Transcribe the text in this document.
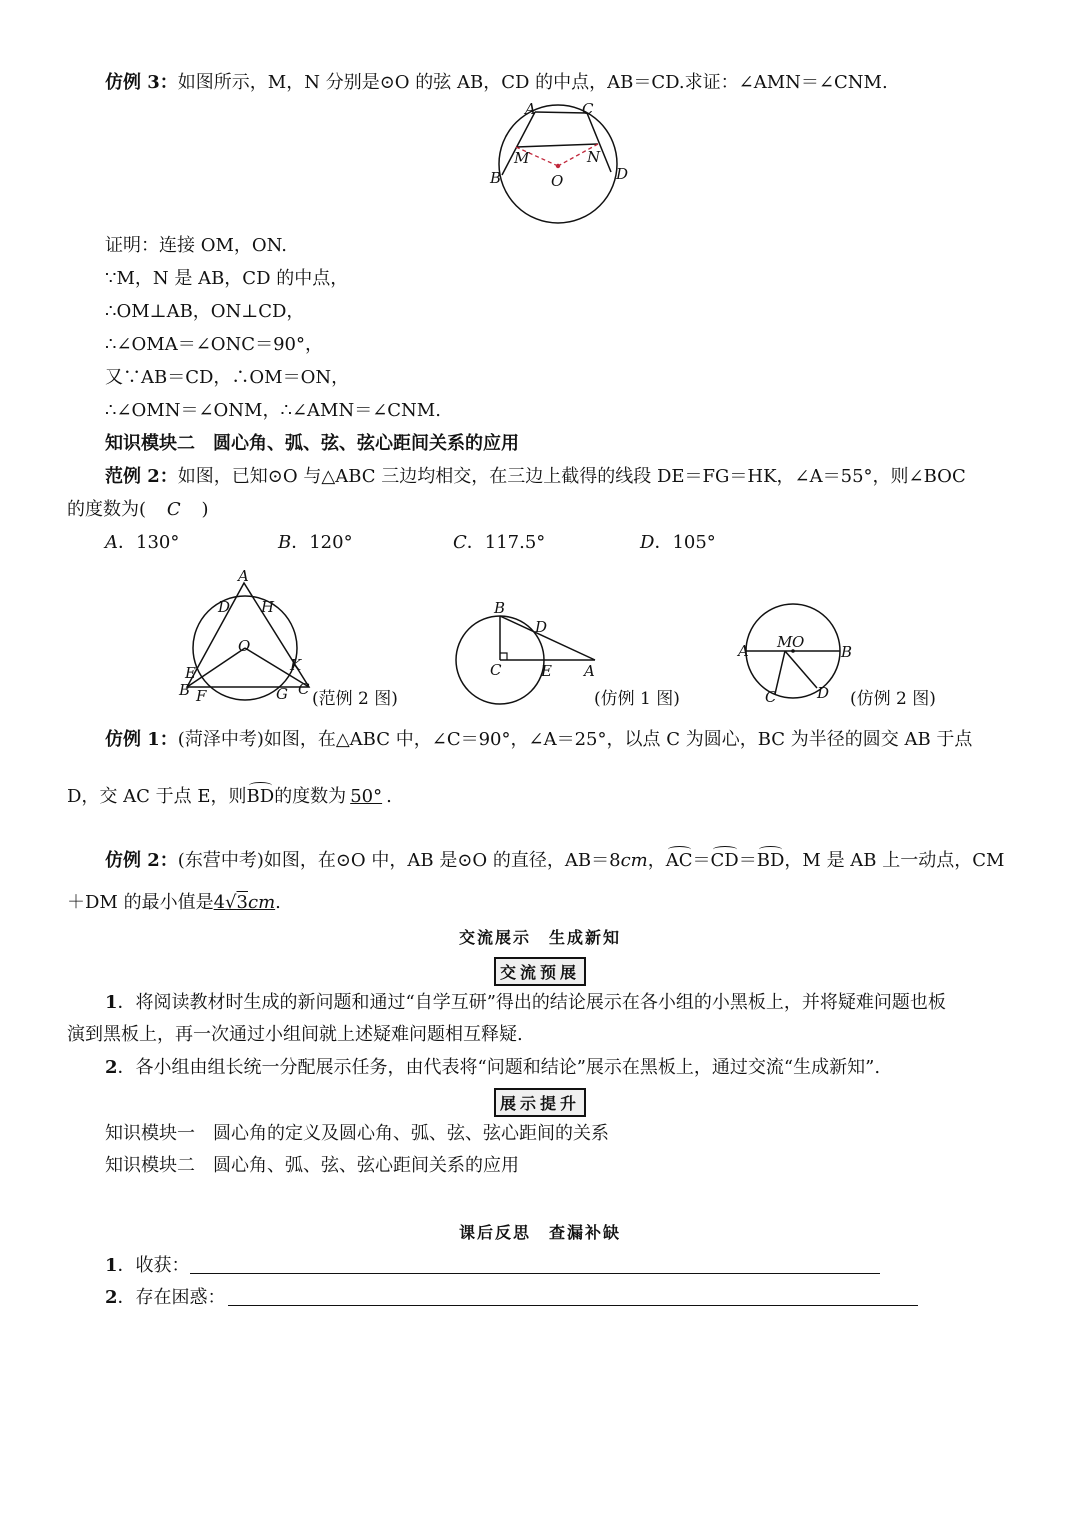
仿例 3：如图所示，M，N 分别是⊙O 的弦 AB，CD 的中点，AB＝CD.求证：∠AMN＝∠CNM.
A	C
M	N
B	O	D
证明：连接 OM，ON.
∵M，N 是 AB，CD 的中点，
∴OM⊥AB，ON⊥CD，
∴∠OMA＝∠ONC＝90°，
又∵AB＝CD，∴OM＝ON，
∴∠OMN＝∠ONM，∴∠AMN＝∠CNM.
知识模块二　圆心角、弧、弦、弦心距间关系的应用
范例 2：如图，已知⊙O 与△ABC 三边均相交，在三边上截得的线段 DE＝FG＝HK，∠A＝55°，则∠BOC
的度数为( C )
A．130°	B．120°	C．117.5°	D．105°
A
D H
O
E	K
B F	G C (范例 2 图)
B
D
C	E A
(仿例 1 图)
M O
A	B
C	D (仿例 2 图)
仿例 1：(菏泽中考)如图，在△ABC 中，∠C＝90°，∠A＝25°，以点 C 为圆心，BC 为半径的圆交 AB 于点
D，交 AC 于点 E，则BD的度数为 50° .
仿例 2：(东营中考)如图，在⊙O 中，AB 是⊙O 的直径，AB＝8cm，AC＝CD＝BD，M 是 AB 上一动点，CM
＋DM 的最小值是4√3cm.
交流展示　生成新知
交流预展
1．将阅读教材时生成的新问题和通过“自学互研”得出的结论展示在各小组的小黑板上，并将疑难问题也板
演到黑板上，再一次通过小组间就上述疑难问题相互释疑.
2．各小组由组长统一分配展示任务，由代表将“问题和结论”展示在黑板上，通过交流“生成新知”.
展示提升
知识模块一　圆心角的定义及圆心角、弧、弦、弦心距间的关系
知识模块二　圆心角、弧、弦、弦心距间关系的应用
课后反思　查漏补缺
1．收获：
2．存在困惑：
